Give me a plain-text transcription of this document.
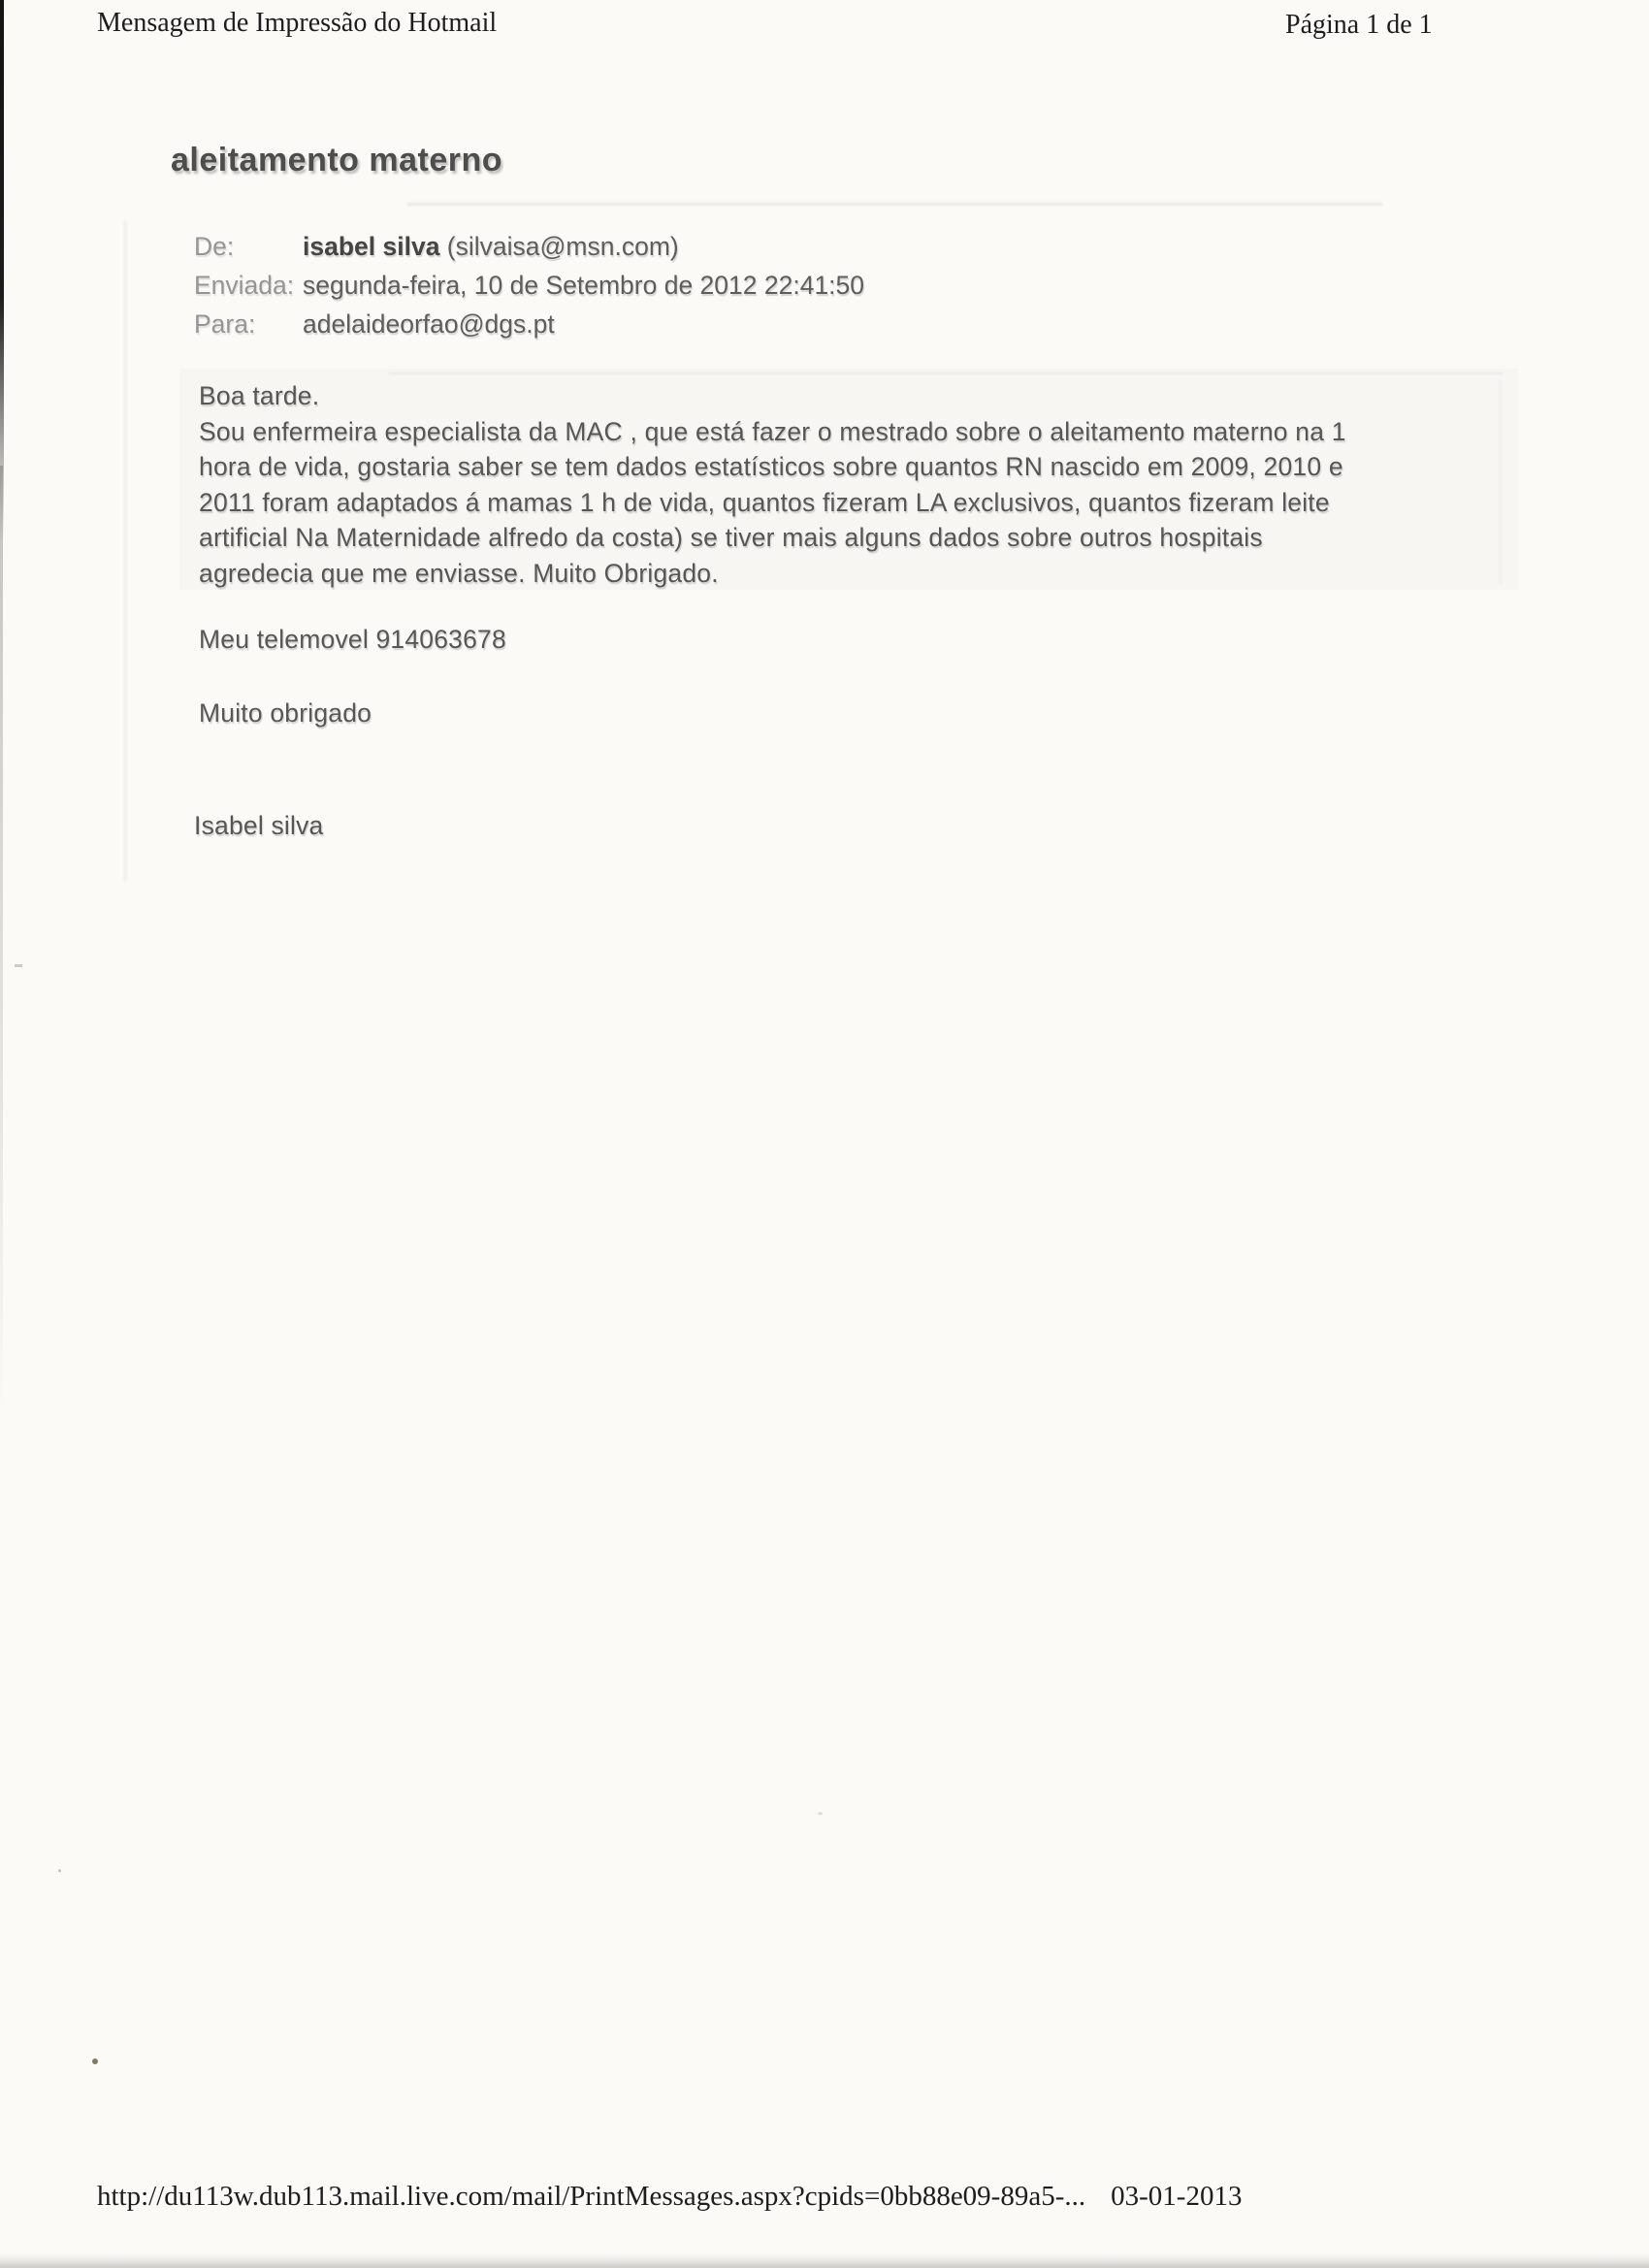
Mensagem de Impressão do Hotmail	Página 1 de 1
aleitamento materno
De:	isabel silva (silvaisa@msn.com)
Enviada: segunda-feira, 10 de Setembro de 2012 22:41:50
Para: adelaideorfao@dgs.pt
Boa tarde.
Sou enfermeira especialista da MAC , que está fazer o mestrado sobre o aleitamento materno na 1
hora de vida, gostaria saber se tem dados estatísticos sobre quantos RN nascido em 2009, 2010 e
2011 foram adaptados á mamas 1 h de vida, quantos fizeram LA exclusivos, quantos fizeram leite
artificial Na Maternidade alfredo da costa) se tiver mais alguns dados sobre outros hospitais
agredecia que me enviasse. Muito Obrigado.
Meu telemovel 914063678
Muito obrigado
Isabel silva
http://du113w.dub113.mail.live.com/mail/PrintMessages.aspx?cpids=0bb88e09-89a5-... 03-01-2013
